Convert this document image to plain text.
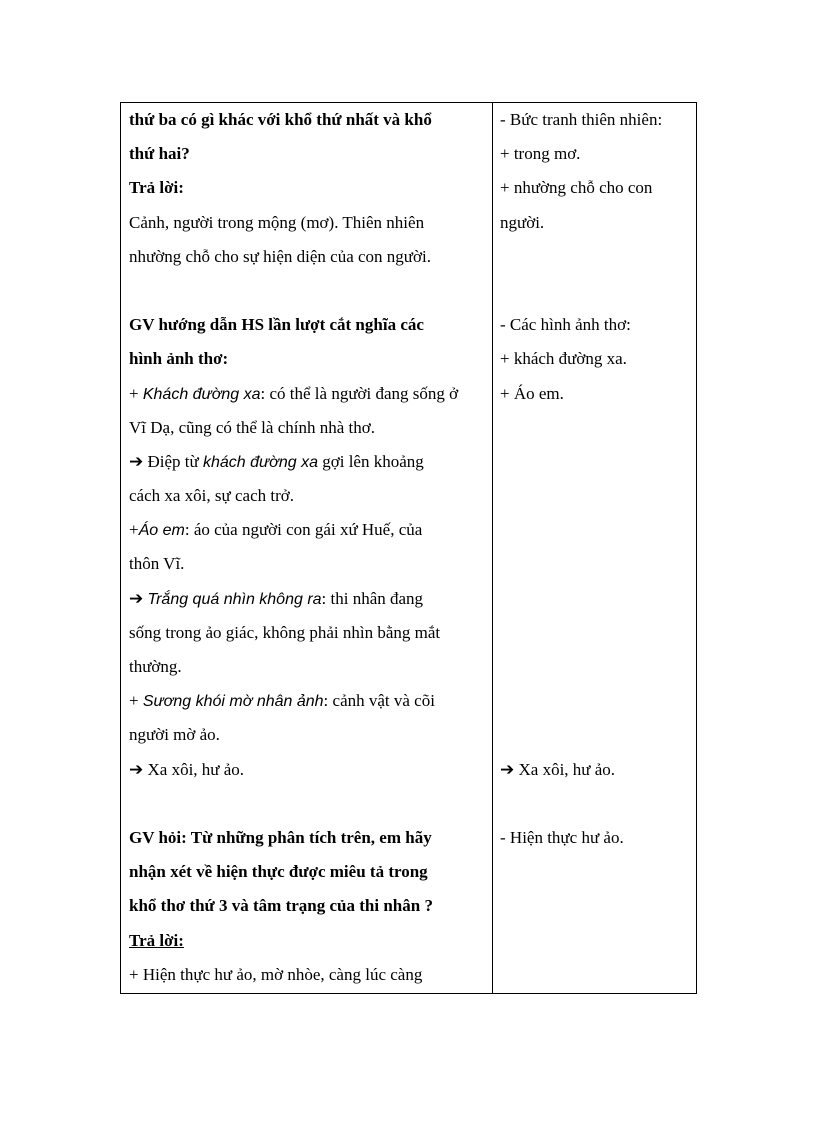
thứ ba có gì khác với khổ thứ nhất và khổ
thứ hai?
Trả lời:
Cảnh, người trong mộng (mơ). Thiên nhiên
nhường chỗ cho sự hiện diện của con người.
GV hướng dẫn HS lần lượt cắt nghĩa các
hình ảnh thơ:
+ Khách đường xa: có thể là người đang sống ở
Vĩ Dạ, cũng có thể là chính nhà thơ.
➔ Điệp từ khách đường xa gợi lên khoảng
cách xa xôi, sự cach trở.
+Áo em: áo của người con gái xứ Huế, của
thôn Vĩ.
➔ Trắng quá nhìn không ra: thi nhân đang
sống trong ảo giác, không phải nhìn bằng mắt
thường.
+ Sương khói mờ nhân ảnh: cảnh vật và cõi
người mờ ảo.
➔ Xa xôi, hư ảo.
GV hỏi: Từ những phân tích trên, em hãy
nhận xét về hiện thực được miêu tả trong
khổ thơ thứ 3 và tâm trạng của thi nhân ?
Trả lời:
+ Hiện thực hư ảo, mờ nhòe, càng lúc càng
- Bức tranh thiên nhiên:
+ trong mơ.
+ nhường chỗ cho con
người.
- Các hình ảnh thơ:
+ khách đường xa.
+ Áo em.
➔ Xa xôi, hư ảo.
- Hiện thực hư ảo.
